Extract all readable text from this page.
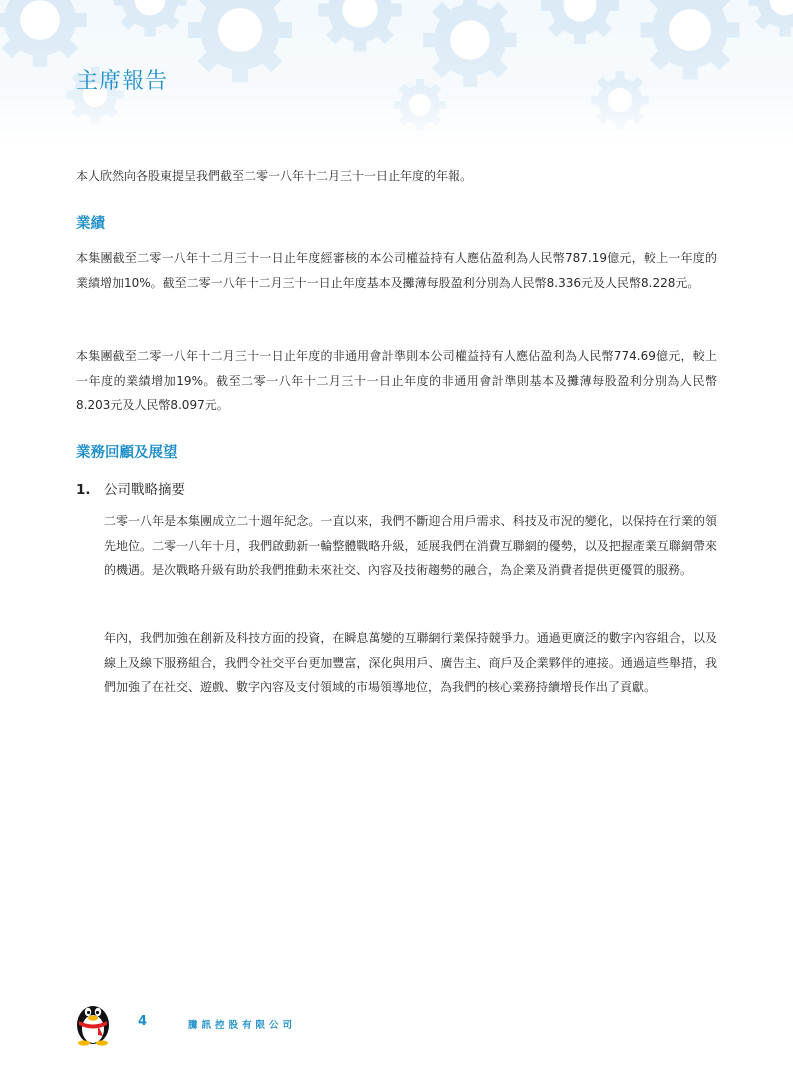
主席報告

本人欣然向各股東提呈我們截至二零一八年十二月三十一日止年度的年報。

業績

本集團截至二零一八年十二月三十一日止年度經審核的本公司權益持有人應佔盈利為人民幣787.19億元，較上一年度的業績增加10%。截至二零一八年十二月三十一日止年度基本及攤薄每股盈利分別為人民幣8.336元及人民幣8.228元。

本集團截至二零一八年十二月三十一日止年度的非通用會計準則本公司權益持有人應佔盈利為人民幣774.69億元，較上一年度的業績增加19%。截至二零一八年十二月三十一日止年度的非通用會計準則基本及攤薄每股盈利分別為人民幣8.203元及人民幣8.097元。

業務回顧及展望
1. 公司戰略摘要

二零一八年是本集團成立二十週年紀念。一直以來，我們不斷迎合用戶需求、科技及市況的變化，以保持在行業的領先地位。二零一八年十月，我們啟動新一輪整體戰略升級，延展我們在消費互聯網的優勢，以及把握產業互聯網帶來的機遇。是次戰略升級有助於我們推動未來社交、內容及技術趨勢的融合，為企業及消費者提供更優質的服務。

年內，我們加強在創新及科技方面的投資，在瞬息萬變的互聯網行業保持競爭力。通過更廣泛的數字內容組合，以及線上及線下服務組合，我們令社交平台更加豐富，深化與用戶、廣告主、商戶及企業夥伴的連接。通過這些舉措，我們加強了在社交、遊戲、數字內容及支付領域的市場領導地位，為我們的核心業務持續增長作出了貢獻。

4	騰訊控股有限公司
